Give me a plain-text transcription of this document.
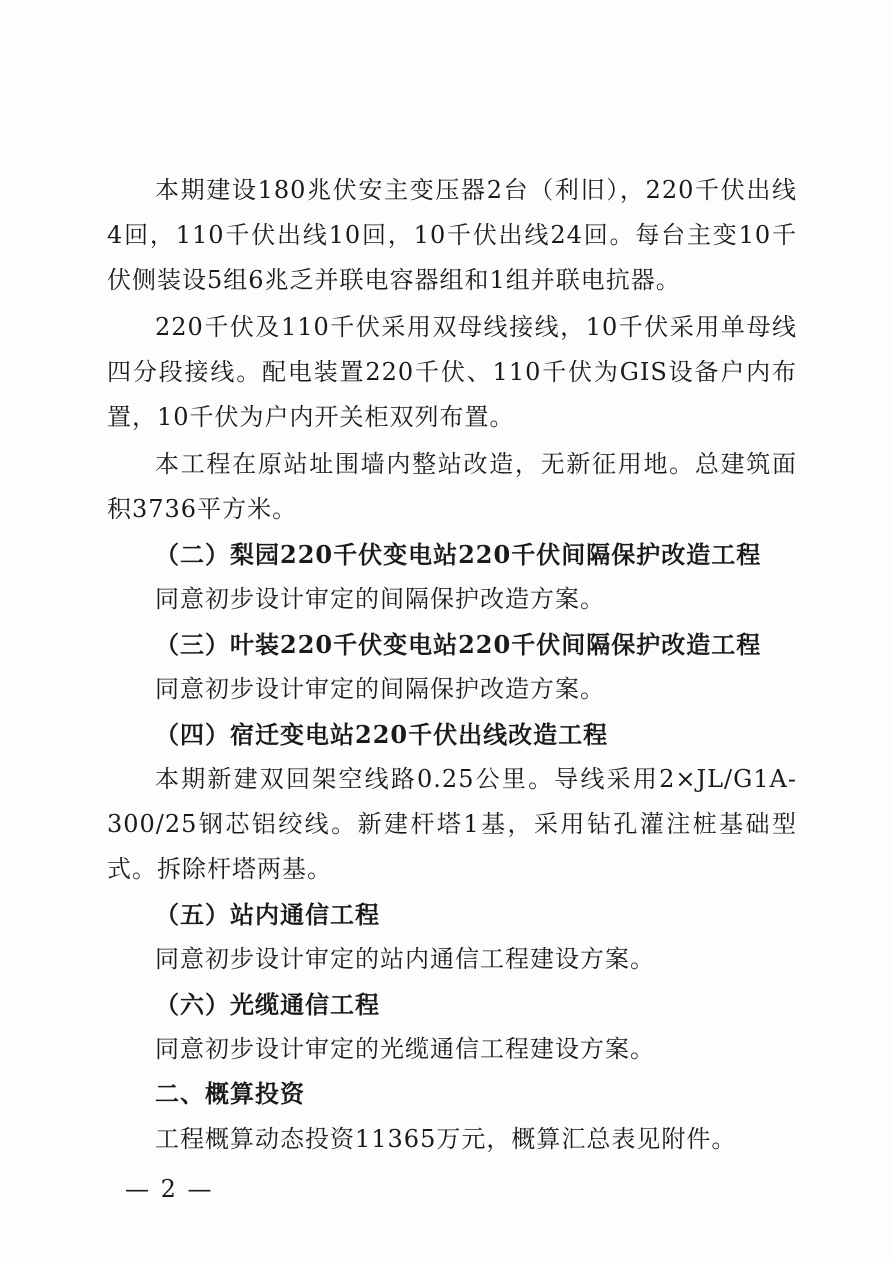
本期建设180兆伏安主变压器2台（利旧），220千伏出线4回，110千伏出线10回，10千伏出线24回。每台主变10千伏侧装设5组6兆乏并联电容器组和1组并联电抗器。

220千伏及110千伏采用双母线接线，10千伏采用单母线四分段接线。配电装置220千伏、110千伏为GIS设备户内布置，10千伏为户内开关柜双列布置。

本工程在原站址围墙内整站改造，无新征用地。总建筑面积3736平方米。

（二）梨园220千伏变电站220千伏间隔保护改造工程

同意初步设计审定的间隔保护改造方案。

（三）叶装220千伏变电站220千伏间隔保护改造工程

同意初步设计审定的间隔保护改造方案。

（四）宿迁变电站220千伏出线改造工程

本期新建双回架空线路0.25公里。导线采用2×JL/G1A-300/25钢芯铝绞线。新建杆塔1基，采用钻孔灌注桩基础型式。拆除杆塔两基。

（五）站内通信工程

同意初步设计审定的站内通信工程建设方案。

（六）光缆通信工程

同意初步设计审定的光缆通信工程建设方案。

二、概算投资

工程概算动态投资11365万元，概算汇总表见附件。

— 2 —
